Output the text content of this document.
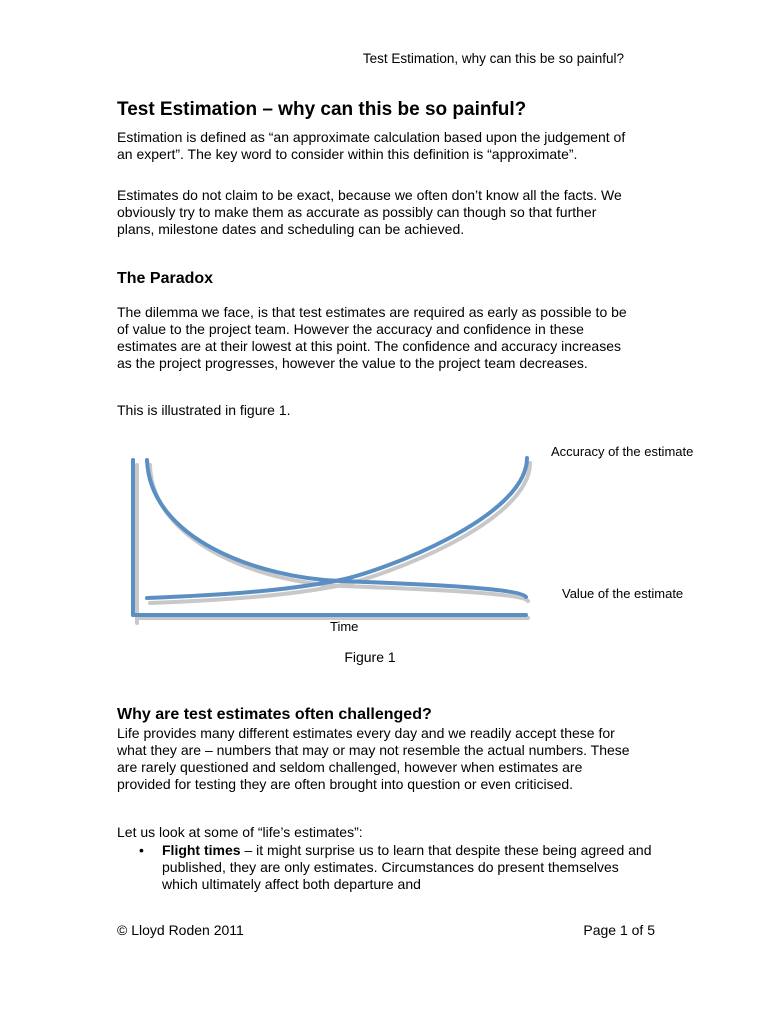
Test Estimation, why can this be so painful?
Test Estimation – why can this be so painful?

Estimation is defined as “an approximate calculation based upon the judgement of an expert”. The key word to consider within this definition is “approximate”.

Estimates do not claim to be exact, because we often don’t know all the facts. We obviously try to make them as accurate as possibly can though so that further plans, milestone dates and scheduling can be achieved.

The Paradox

The dilemma we face, is that test estimates are required as early as possible to be of value to the project team. However the accuracy and confidence in these estimates are at their lowest at this point. The confidence and accuracy increases as the project progresses, however the value to the project team decreases.

This is illustrated in figure 1.

Accuracy of the estimate
Value of the estimate
Time
Figure 1
Why are test estimates often challenged?

Life provides many different estimates every day and we readily accept these for what they are – numbers that may or may not resemble the actual numbers. These are rarely questioned and seldom challenged, however when estimates are provided for testing they are often brought into question or even criticised.

Let us look at some of “life’s estimates”:

• Flight times – it might surprise us to learn that despite these being agreed and published, they are only estimates. Circumstances do present themselves which ultimately affect both departure and
© Lloyd Roden 2011	Page 1 of 5
